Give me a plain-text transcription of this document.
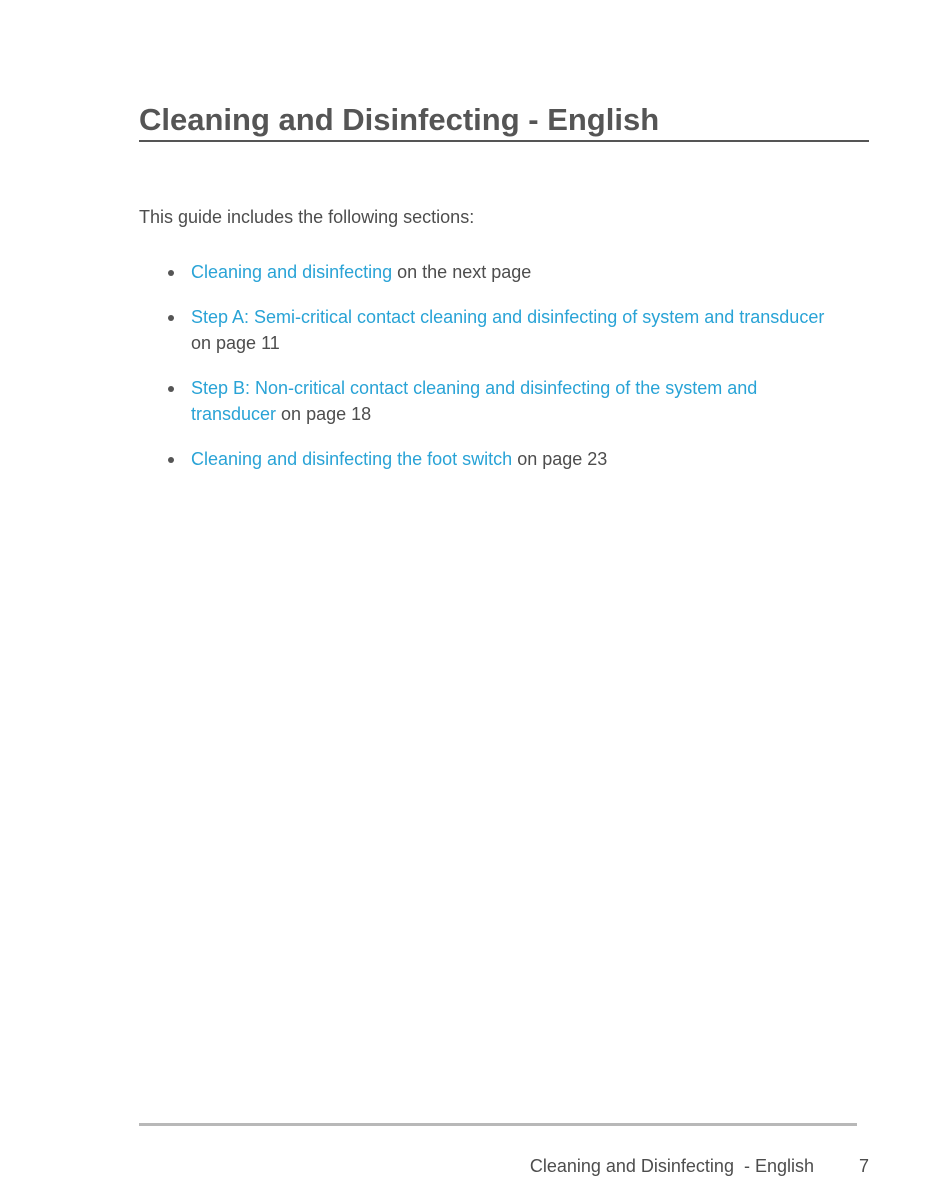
Cleaning and Disinfecting - English

This guide includes the following sections:

Cleaning and disinfecting on the next page
Step A: Semi-critical contact cleaning and disinfecting of system and transducer on page 11
Step B: Non-critical contact cleaning and disinfecting of the system and transducer on page 18
Cleaning and disinfecting the foot switch on page 23
Cleaning and Disinfecting  - English 7
